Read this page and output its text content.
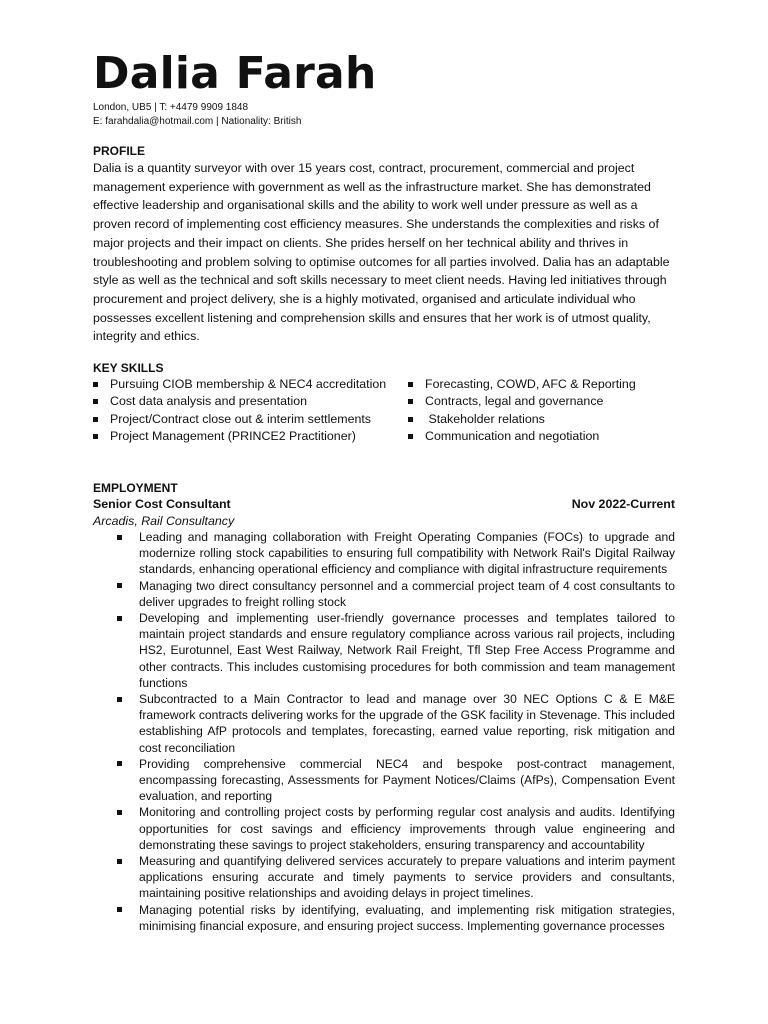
Dalia Farah
London, UB5 | T: +4479 9909 1848
E: farahdalia@hotmail.com | Nationality: British
PROFILE

Dalia is a quantity surveyor with over 15 years cost, contract, procurement, commercial and project management experience with government as well as the infrastructure market. She has demonstrated effective leadership and organisational skills and the ability to work well under pressure as well as a proven record of implementing cost efficiency measures. She understands the complexities and risks of major projects and their impact on clients. She prides herself on her technical ability and thrives in troubleshooting and problem solving to optimise outcomes for all parties involved. Dalia has an adaptable style as well as the technical and soft skills necessary to meet client needs. Having led initiatives through procurement and project delivery, she is a highly motivated, organised and articulate individual who possesses excellent listening and comprehension skills and ensures that her work is of utmost quality, integrity and ethics.

KEY SKILLS
Pursuing CIOB membership & NEC4 accreditation
Cost data analysis and presentation
Project/Contract close out & interim settlements
Project Management (PRINCE2 Practitioner)
Forecasting, COWD, AFC & Reporting
Contracts, legal and governance
Stakeholder relations
Communication and negotiation
EMPLOYMENT
Senior Cost Consultant	Nov 2022-Current
Arcadis, Rail Consultancy
Leading and managing collaboration with Freight Operating Companies (FOCs) to upgrade and modernize rolling stock capabilities to ensuring full compatibility with Network Rail's Digital Railway standards, enhancing operational efficiency and compliance with digital infrastructure requirements
Managing two direct consultancy personnel and a commercial project team of 4 cost consultants to deliver upgrades to freight rolling stock
Developing and implementing user-friendly governance processes and templates tailored to maintain project standards and ensure regulatory compliance across various rail projects, including HS2, Eurotunnel, East West Railway, Network Rail Freight, Tfl Step Free Access Programme and other contracts. This includes customising procedures for both commission and team management functions
Subcontracted to a Main Contractor to lead and manage over 30 NEC Options C & E M&E framework contracts delivering works for the upgrade of the GSK facility in Stevenage. This included establishing AfP protocols and templates, forecasting, earned value reporting, risk mitigation and cost reconciliation
Providing comprehensive commercial NEC4 and bespoke post-contract management, encompassing forecasting, Assessments for Payment Notices/Claims (AfPs), Compensation Event evaluation, and reporting
Monitoring and controlling project costs by performing regular cost analysis and audits. Identifying opportunities for cost savings and efficiency improvements through value engineering and demonstrating these savings to project stakeholders, ensuring transparency and accountability
Measuring and quantifying delivered services accurately to prepare valuations and interim payment applications ensuring accurate and timely payments to service providers and consultants, maintaining positive relationships and avoiding delays in project timelines.
Managing potential risks by identifying, evaluating, and implementing risk mitigation strategies, minimising financial exposure, and ensuring project success. Implementing governance processes
